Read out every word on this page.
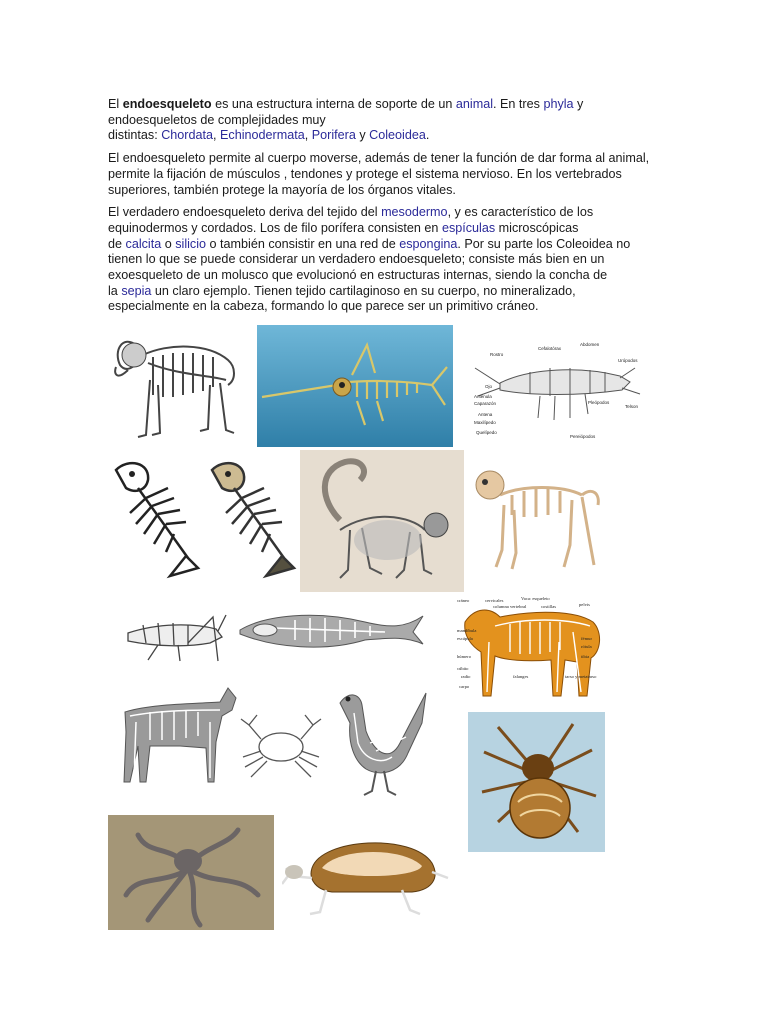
El endoesqueleto es una estructura interna de soporte de un animal. En tres phyla y
endoesqueletos de complejidades muy
distintas: Chordata, Echinodermata, Porifera y Coleoidea.

El endoesqueleto permite al cuerpo moverse, además de tener la función de dar forma al animal, permite la fijación de músculos , tendones y protege el sistema nervioso. En los vertebrados superiores, también protege la mayoría de los órganos vitales.

El verdadero endoesqueleto deriva del tejido del mesodermo, y es característico de los equinodermos y cordados. Los de filo porífera consisten en espículas microscópicas
de calcita o silicio o también consistir en una red de espongina. Por su parte los Coleoidea no tienen lo que se puede considerar un verdadero endoesqueleto; consiste más bien en un exoesqueleto de un molusco que evolucionó en estructuras internas, siendo la concha de
la sepia un claro ejemplo. Tienen tejido cartilaginoso en su cuerpo, no mineralizado, especialmente en la cabeza, formando lo que parece ser un primitivo cráneo.

Rostro
Cefalotórax
Abdomen
Urópodos
Ojo
Anténula
Caparazón
Antena
Maxilípedo
Quelípedo
Pleópodos
Telson
Pereiópodos
Vaca: esqueleto
cráneo	cervicales
columna vertebral	costillas	pelvis
mandíbula
escápula
húmero
cúbito
radio
carpo
fémur
rótula
tibia
tarso y metatarso
falanges
